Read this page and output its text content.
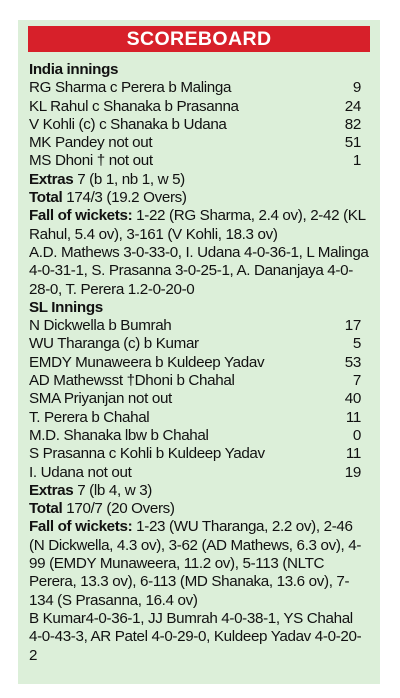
SCOREBOARD
India innings
RG Sharma c Perera b Malinga	9
KL Rahul c Shanaka b Prasanna	24
V Kohli (c) c Shanaka b Udana	82
MK Pandey not out	51
MS Dhoni † not out	1
Extras 7 (b 1, nb 1, w 5)
Total 174/3 (19.2 Overs)
Fall of wickets: 1-22 (RG Sharma, 2.4 ov), 2-42 (KL Rahul, 5.4 ov), 3-161 (V Kohli, 18.3 ov)
A.D. Mathews 3-0-33-0, I. Udana 4-0-36-1, L Malinga 4-0-31-1, S. Prasanna 3-0-25-1, A. Dananjaya 4-0-28-0, T. Perera 1.2-0-20-0
SL Innings
N Dickwella b Bumrah	17
WU Tharanga (c) b Kumar	5
EMDY Munaweera b Kuldeep Yadav	53
AD Mathewsst †Dhoni b Chahal	7
SMA Priyanjan not out	40
T. Perera b Chahal	11
M.D. Shanaka lbw b Chahal	0
S Prasanna c Kohli b Kuldeep Yadav	11
I. Udana not out	19
Extras 7 (lb 4, w 3)
Total 170/7 (20 Overs)
Fall of wickets: 1-23 (WU Tharanga, 2.2 ov), 2-46 (N Dickwella, 4.3 ov), 3-62 (AD Mathews, 6.3 ov), 4-99 (EMDY Munaweera, 11.2 ov), 5-113 (NLTC Perera, 13.3 ov), 6-113 (MD Shanaka, 13.6 ov), 7-134 (S Prasanna, 16.4 ov)
B Kumar4-0-36-1, JJ Bumrah 4-0-38-1, YS Chahal 4-0-43-3, AR Patel 4-0-29-0, Kuldeep Yadav 4-0-20-2
